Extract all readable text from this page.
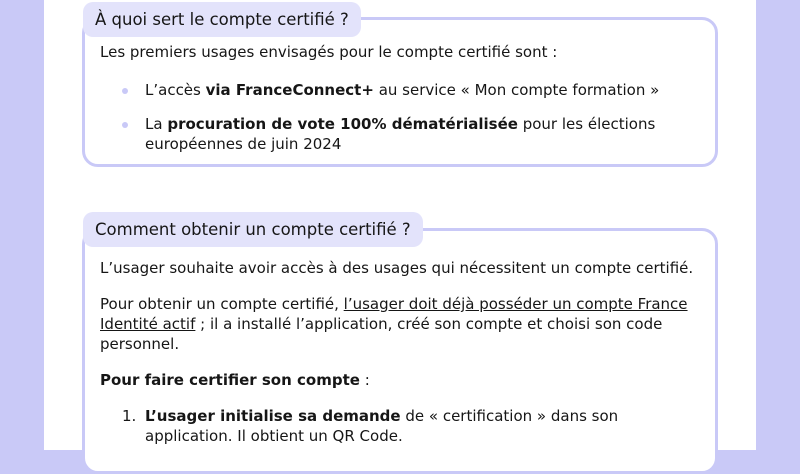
À quoi sert le compte certifié ?

Les premiers usages envisagés pour le compte certifié sont :

L’accès via FranceConnect+ au service « Mon compte formation »
La procuration de vote 100% dématérialisée pour les élections européennes de juin 2024
Comment obtenir un compte certifié ?

L’usager souhaite avoir accès à des usages qui nécessitent un compte certifié.

Pour obtenir un compte certifié, l’usager doit déjà posséder un compte France Identité actif ; il a installé l’application, créé son compte et choisi son code personnel.

Pour faire certifier son compte :

1. L’usager initialise sa demande de « certification » dans son application. Il obtient un QR Code.
